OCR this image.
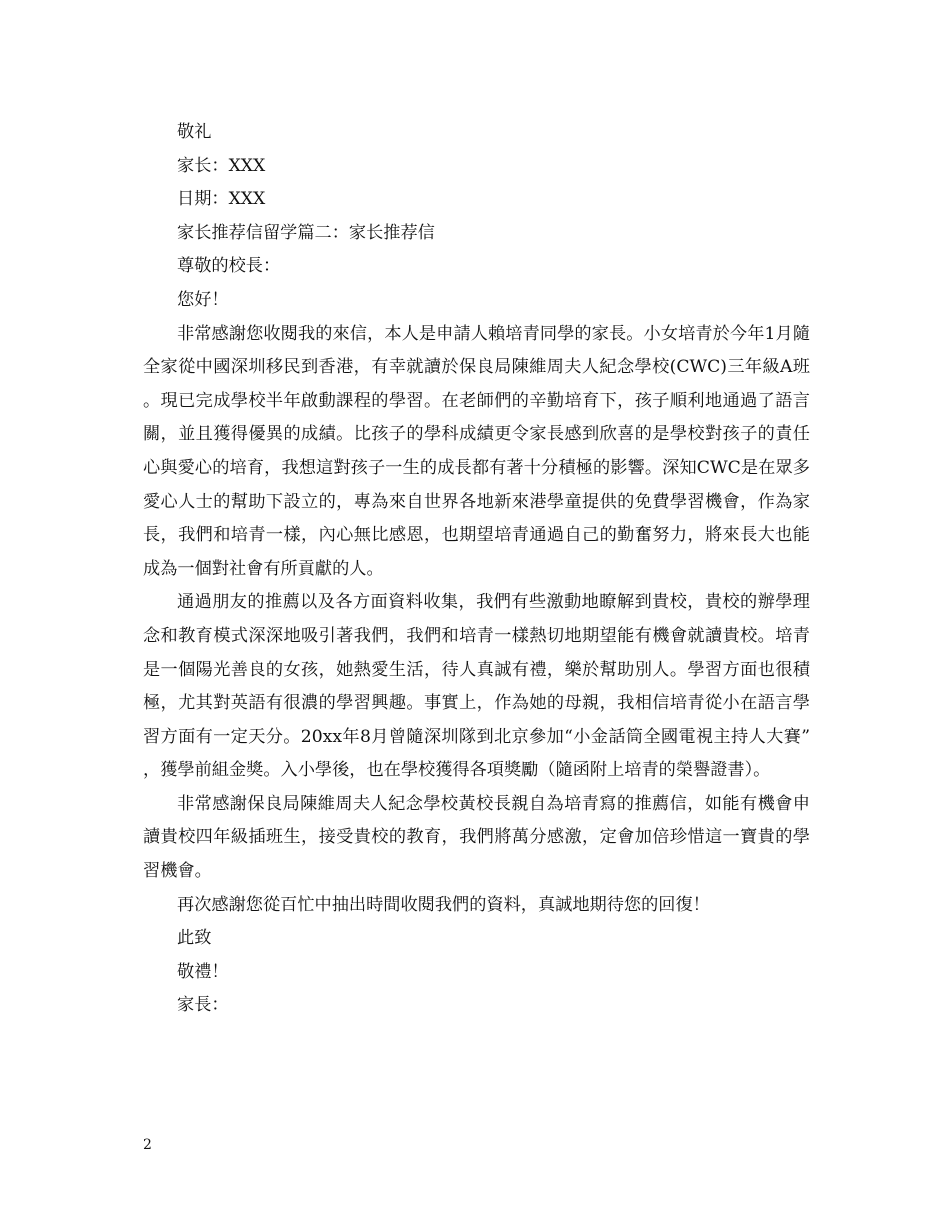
敬礼
家长：XXX
日期：XXX
家长推荐信留学篇二：家长推荐信
尊敬的校長：
您好！
非常感謝您收閱我的來信，本人是申請人賴培青同學的家長。小女培青於今年1月隨全家從中國深圳移民到香港，有幸就讀於保良局陳維周夫人紀念學校(CWC)三年級A班。現已完成學校半年啟動課程的學習。在老師們的辛勤培育下，孩子順利地通過了語言關，並且獲得優異的成績。比孩子的學科成績更令家長感到欣喜的是學校對孩子的責任心與愛心的培育，我想這對孩子一生的成長都有著十分積極的影響。深知CWC是在眾多愛心人士的幫助下設立的，專為來自世界各地新來港學童提供的免費學習機會，作為家長，我們和培青一樣，內心無比感恩，也期望培青通過自己的勤奮努力，將來長大也能成為一個對社會有所貢獻的人。
通過朋友的推薦以及各方面資料收集，我們有些激動地瞭解到貴校，貴校的辦學理念和教育模式深深地吸引著我們，我們和培青一樣熱切地期望能有機會就讀貴校。培青是一個陽光善良的女孩，她熱愛生活，待人真誠有禮，樂於幫助別人。學習方面也很積極，尤其對英語有很濃的學習興趣。事實上，作為她的母親，我相信培青從小在語言學習方面有一定天分。20xx年8月曾隨深圳隊到北京參加“小金話筒全國電視主持人大賽”，獲學前組金獎。入小學後，也在學校獲得各項獎勵（隨函附上培青的榮譽證書）。
非常感謝保良局陳維周夫人紀念學校黃校長親自為培青寫的推薦信，如能有機會申讀貴校四年級插班生，接受貴校的教育，我們將萬分感激，定會加倍珍惜這一寶貴的學習機會。
再次感謝您從百忙中抽出時間收閱我們的資料，真誠地期待您的回復！
此致
敬禮！
家長：
2
